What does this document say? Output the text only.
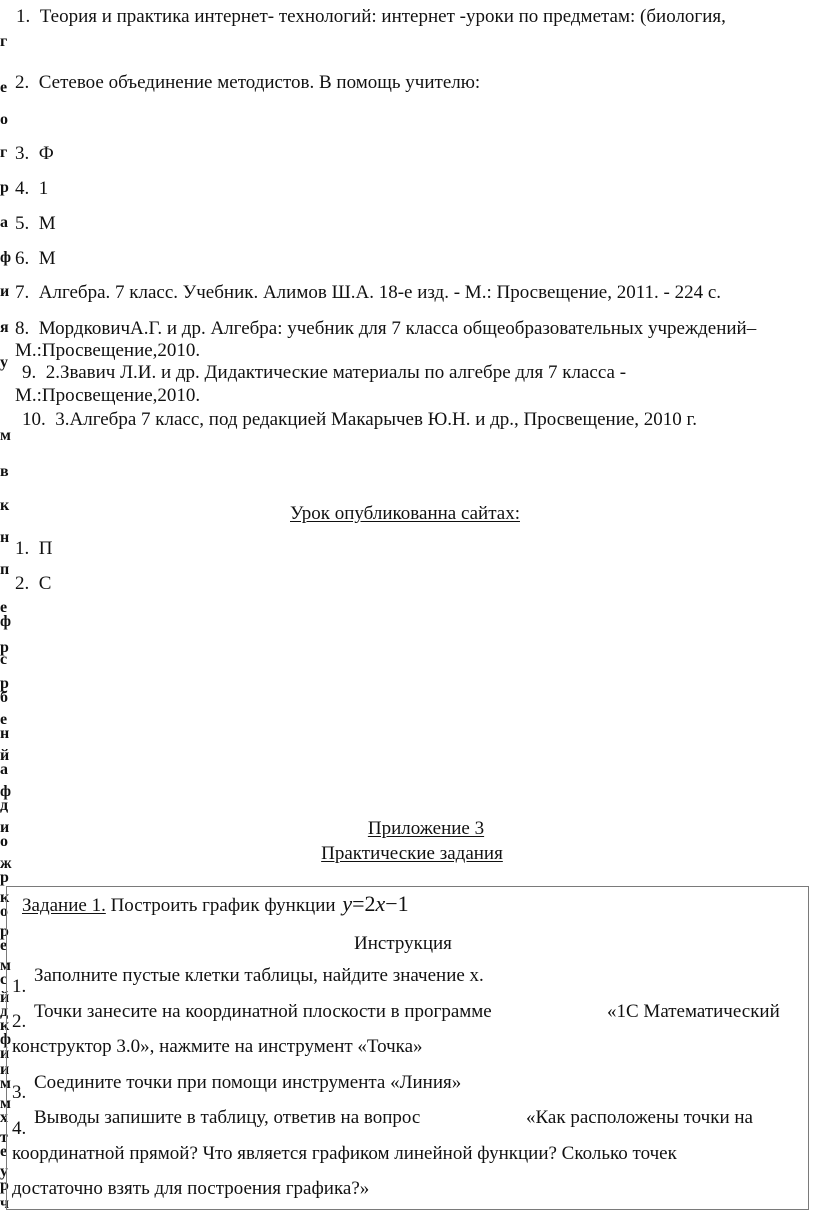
г
е
о
г
р
а
ф
и
я
у
м
в
к
н
п
е
ф
р
с
р
б
е
н
й
а
ф
д
и
о
ж
р
к
о
р
е
м
с
й
д
к
ф
и
и
м
м
х
т
е
у
р
ч
1. Теория и практика интернет- технологий: интернет -уроки по предметам: (биология,
2. Сетевое объединение методистов. В помощь учителю:
3. Ф
4. 1
5. М
6. М
7. Алгебра. 7 класс. Учебник. Алимов Ш.А. 18-е изд. - М.: Просвещение, 2011. - 224 с.
8. МордковичА.Г. и др. Алгебра: учебник для 7 класса общеобразовательных учреждений–
М.:Просвещение,2010.
9. 2.Звавич Л.И. и др. Дидактические материалы по алгебре для 7 класса -
М.:Просвещение,2010.
10. 3.Алгебра 7 класс, под редакцией Макарычев Ю.Н. и др., Просвещение, 2010 г.
Урок опубликованна сайтах:
1. П
2. С
Приложение 3
Практические задания
Задание 1. Построить график функции y=2x−1
Инструкция
1.
Заполните пустые клетки таблицы, найдите значение x.
2. Точки занесите на координатной плоскости в программе	«1С Математический
конструктор 3.0», нажмите на инструмент «Точка»
3. Соедините точки при помощи инструмента «Линия»
4.
Выводы запишите в таблицу, ответив на вопрос	«Как расположены точки на
координатной прямой? Что является графиком линейной функции? Сколько точек
достаточно взять для построения графика?»
